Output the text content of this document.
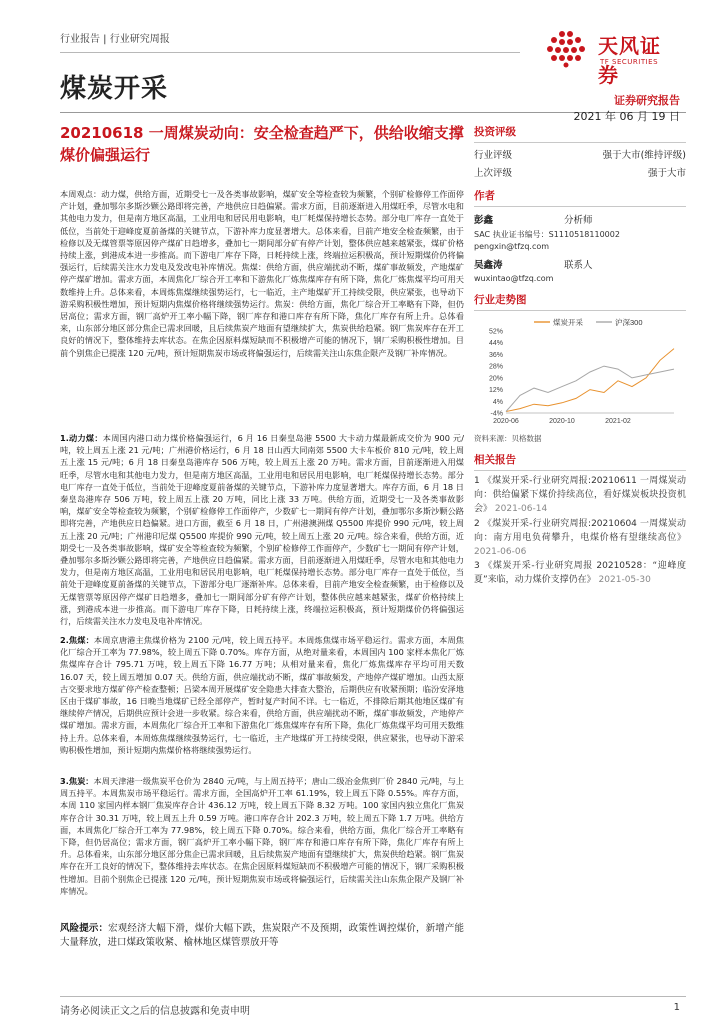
行业报告 | 行业研究周报	天风证券
TF SECURITIES
煤炭开采	证券研究报告
2021 年 06 月 19 日
20210618 一周煤炭动向：安全检查趋严下，供给收缩支撑煤价偏强运行
本周观点：动力煤，供给方面，近期受七一及各类事故影响，煤矿安全等检查较为频繁，个别矿检修停工作面停产计划，叠加鄂尔多斯沙颗公路即将完善，产地供应日趋偏紧。需求方面，目前逐渐进入用煤旺季，尽管水电和其他电力发力，但是南方地区高温，工业用电和居民用电影响，电厂耗煤保持增长态势。部分电厂库存一直处于低位，当前处于迎峰度夏前备煤的关键节点，下游补库力度显著增大。总体来看，目前产地安全检查频繁，由于检修以及无煤管票等原因停产煤矿日趋增多，叠加七一期间部分矿有停产计划，整体供应越来越紧张，煤矿价格持续上涨，到港成本进一步推高。而下游电厂库存下降，日耗持续上涨，终端拉运积极高，预计短期煤价仍将偏强运行，后续需关注水力发电及发改电补库情况。焦煤：供给方面，供应端扰动不断，煤矿事故频发，产地煤矿停产煤矿增加。需求方面，本周焦化厂综合开工率和下游焦化厂炼焦煤库存有所下降，焦化厂炼焦煤平均可用天数维持上升。总体来看，本周炼焦煤继续强势运行，七一临近，主产地煤矿开工持续受限，供应紧张，也导动下游采购积极性增加，预计短期内焦煤价格将继续强势运行。焦炭：供给方面，焦化厂综合开工率略有下降，但仍居高位；需求方面，钢厂高炉开工率小幅下降，钢厂库存和港口库存有所下降，焦化厂库存有所上升。总体看来，山东部分地区部分焦企已需求回暖，且后续焦炭产地面有望继续扩大，焦炭供给趋紧。钢厂焦炭库存在开工良好的情况下，整体维持去库状态。在焦企因原料煤短缺而不积极增产可能的情况下，钢厂采购积极性增加。目前个别焦企已提涨 120 元/吨，预计短期焦炭市场或将偏强运行，后续需关注山东焦企限产及钢厂补库情况。
1.动力煤：本周国内港口动力煤价格偏强运行，6 月 16 日秦皇岛港 5500 大卡动力煤最新成交价为 900 元/吨，较上周五上涨 21 元/吨；广州港价格运行，6 月 18 日山西大同南郊 5500 大卡车板价 810 元/吨，较上周五上涨 15 元/吨；6 月 18 日秦皇岛港库存 506 万吨，较上周五上涨 20 万吨。需求方面，目前逐渐进入用煤旺季，尽管水电和其他电力发力，但是南方地区高温，工业用电和居民用电影响，电厂耗煤保持增长态势。部分电厂库存一直处于低位，当前处于迎峰度夏前备煤的关键节点，下游补库力度显著增大。库存方面，6 月 18 日秦皇岛港库存 506 万吨，较上周五上涨 20 万吨，同比上涨 33 万吨。供给方面，近期受七一及各类事故影响，煤矿安全等检查较为频繁，个别矿检修停工作面停产，少数矿七一期间有停产计划，叠加鄂尔多斯沙颗公路即将完善，产地供应日趋偏紧。进口方面，截至 6 月 18 日，广州港澳洲煤 Q5500 库提价 990 元/吨，较上周五上涨 20 元/吨；广州港印尼煤 Q5500 库提价 990 元/吨，较上周五上涨 20 元/吨。综合来看，供给方面，近期受七一及各类事故影响，煤矿安全等检查较为频繁，个别矿检修停工作面停产，少数矿七一期间有停产计划，叠加鄂尔多斯沙颗公路即将完善，产地供应日趋偏紧。需求方面，目前逐渐进入用煤旺季，尽管水电和其他电力发力，但是南方地区高温，工业用电和居民用电影响，电厂耗煤保持增长态势。部分电厂库存一直处于低位，当前处于迎峰度夏前备煤的关键节点，下游部分电厂逐渐补库。总体来看，目前产地安全检查频繁，由于检修以及无煤管票等原因停产煤矿日趋增多，叠加七一期间部分矿有停产计划，整体供应越来越紧张，煤矿价格持续上涨，到港成本进一步推高。而下游电厂库存下降，日耗持续上涨，终端拉运积极高，预计短期煤价仍将偏强运行，后续需关注水力发电及电补库情况。
2.焦煤：本周京唐港主焦煤价格为 2100 元/吨，较上周五持平。本周炼焦煤市场平稳运行。需求方面，本周焦化厂综合开工率为 77.98%，较上周五下降 0.70%。库存方面，从绝对量来看，本周国内 100 家样本焦化厂炼焦煤库存合计 795.71 万吨，较上周五下降 16.77 万吨；从相对量来看，焦化厂炼焦煤库存平均可用天数 16.07 天，较上周五增加 0.07 天。供给方面，供应端扰动不断，煤矿事故频发，产地停产煤矿增加。山西太原古交要求地方煤矿停产检查整顿；吕梁本周开展煤矿安全隐患大排查大整治，后期供应有收紧预期；临汾安泽地区由于煤矿事故，16 日晚当地煤矿已经全部停产，暂时复产时间不详。七一临近，不排除后期其他地区煤矿有继续停产情况，后期供应预计会进一步收紧。综合来看，供给方面，供应端扰动不断，煤矿事故频发，产地停产煤矿增加。需求方面，本周焦化厂综合开工率和下游焦化厂炼焦煤库存有所下降，焦化厂炼焦煤平均可用天数维持上升。总体来看，本周炼焦煤继续强势运行，七一临近，主产地煤矿开工持续受限，供应紧张，也导动下游采购积极性增加，预计短期内焦煤价格将继续强势运行。
3.焦炭：本周天津港一级焦炭平仓价为 2840 元/吨，与上周五持平；唐山二级冶金焦到厂价 2840 元/吨，与上周五持平。本周焦炭市场平稳运行。需求方面，全国高炉开工率 61.19%，较上周五下降 0.55%。库存方面，本周 110 家国内样本钢厂焦炭库存合计 436.12 万吨，较上周五下降 8.32 万吨。100 家国内独立焦化厂焦炭库存合计 30.31 万吨，较上周五上升 0.59 万吨。港口库存合计 202.3 万吨，较上周五下降 1.7 万吨。供给方面，本周焦化厂综合开工率为 77.98%，较上周五下降 0.70%。综合来看，供给方面，焦化厂综合开工率略有下降，但仍居高位；需求方面，钢厂高炉开工率小幅下降，钢厂库存和港口库存有所下降，焦化厂库存有所上升。总体看来，山东部分地区部分焦企已需求回暖，且后续焦炭产地面有望继续扩大，焦炭供给趋紧。钢厂焦炭库存在开工良好的情况下，整体维持去库状态。在焦企因原料煤短缺而不积极增产可能的情况下，钢厂采购积极性增加。目前个别焦企已提涨 120 元/吨，预计短期焦炭市场或将偏强运行，后续需关注山东焦企限产及钢厂补库情况。
风险提示：宏观经济大幅下滑，煤价大幅下跌，焦炭限产不及预期，政策性调控煤价，新增产能大量释放，进口煤政策收紧、榆林地区煤管票放开等
投资评级
行业评级	强于大市(维持评级)
上次评级	强于大市
作者
彭鑫	分析师
SAC 执业证书编号：S1110518110002
pengxin@tfzq.com
吴鑫涛	联系人
wuxintao@tfzq.com
行业走势图
-4%
4%
12%
20%
28%
36%
44%
52%
2020-06	2020-10	2021-02
煤炭开采	沪深300
资料来源：贝格数据
相关报告
1 《煤炭开采-行业研究周报:20210611 一周煤炭动向：供给偏紧下煤价持续高位，看好煤炭板块投资机会》 2021-06-14
2 《煤炭开采-行业研究周报:20210604 一周煤炭动向：南方用电负荷攀升，电煤价格有望继续高位》 2021-06-06
3 《煤炭开采-行业研究周报 20210528：“迎峰度夏”来临，动力煤价支撑仍在》 2021-05-30
请务必阅读正文之后的信息披露和免责申明	1
